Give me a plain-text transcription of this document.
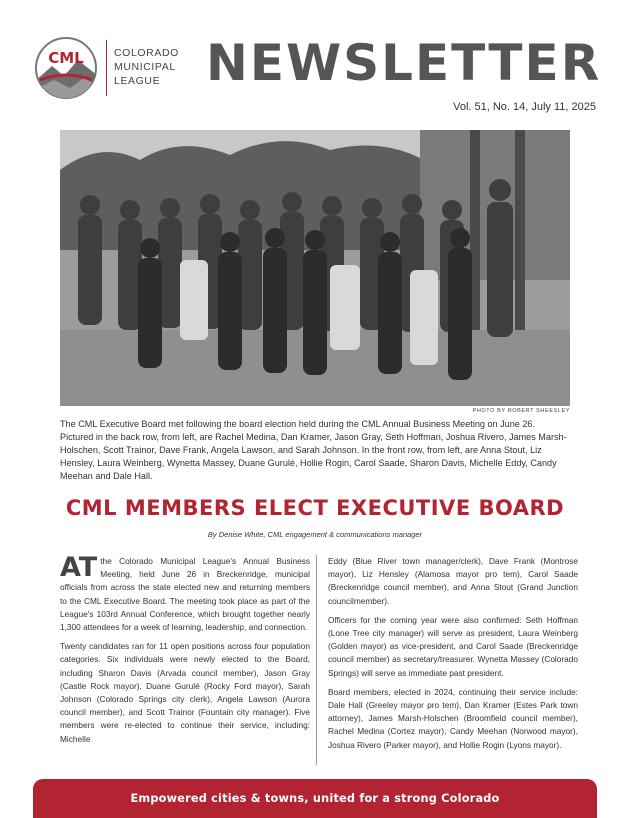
CML	COLORADO
MUNICIPAL
LEAGUE NEWSLETTER
Vol. 51, No. 14, July 11, 2025
PHOTO BY ROBERT SHEESLEY

The CML Executive Board met following the board election held during the CML Annual Business Meeting on June 26. Pictured in the back row, from left, are Rachel Medina, Dan Kramer, Jason Gray, Seth Hoffman, Joshua Rivero, James Marsh-Holschen, Scott Trainor, Dave Frank, Angela Lawson, and Sarah Johnson. In the front row, from left, are Anna Stout, Liz Hensley, Laura Weinberg, Wynetta Massey, Duane Gurulé, Hollie Rogin, Carol Saade, Sharon Davis, Michelle Eddy, Candy Meehan and Dale Hall.

CML MEMBERS ELECT EXECUTIVE BOARD
By Denise White, CML engagement & communications manager

AT the Colorado Municipal League's Annual Business Meeting, held June 26 in Breckenridge, municipal officials from across the state elected new and returning members to the CML Executive Board. The meeting took place as part of the League's 103rd Annual Conference, which brought together nearly 1,300 attendees for a week of learning, leadership, and connection.

Twenty candidates ran for 11 open positions across four population categories. Six individuals were newly elected to the Board, including Sharon Davis (Arvada council member), Jason Gray (Castle Rock mayor), Duane Gurulé (Rocky Ford mayor), Sarah Johnson (Colorado Springs city clerk), Angela Lawson (Aurora council member), and Scott Trainor (Fountain city manager). Five members were re-elected to continue their service, including: Michelle

Eddy (Blue River town manager/clerk), Dave Frank (Montrose mayor), Liz Hensley (Alamosa mayor pro tem), Carol Saade (Breckenridge council member), and Anna Stout (Grand Junction councilmember).

Officers for the coming year were also confirmed: Seth Hoffman (Lone Tree city manager) will serve as president, Laura Weinberg (Golden mayor) as vice-president, and Carol Saade (Breckenridge council member) as secretary/treasurer. Wynetta Massey (Colorado Springs) will serve as immediate past president.

Board members, elected in 2024, continuing their service include: Dale Hall (Greeley mayor pro tem), Dan Kramer (Estes Park town attorney), James Marsh-Holschen (Broomfield council member), Rachel Medina (Cortez mayor), Candy Meehan (Norwood mayor), Joshua Rivero (Parker mayor), and Hollie Rogin (Lyons mayor).

Empowered cities & towns, united for a strong Colorado
